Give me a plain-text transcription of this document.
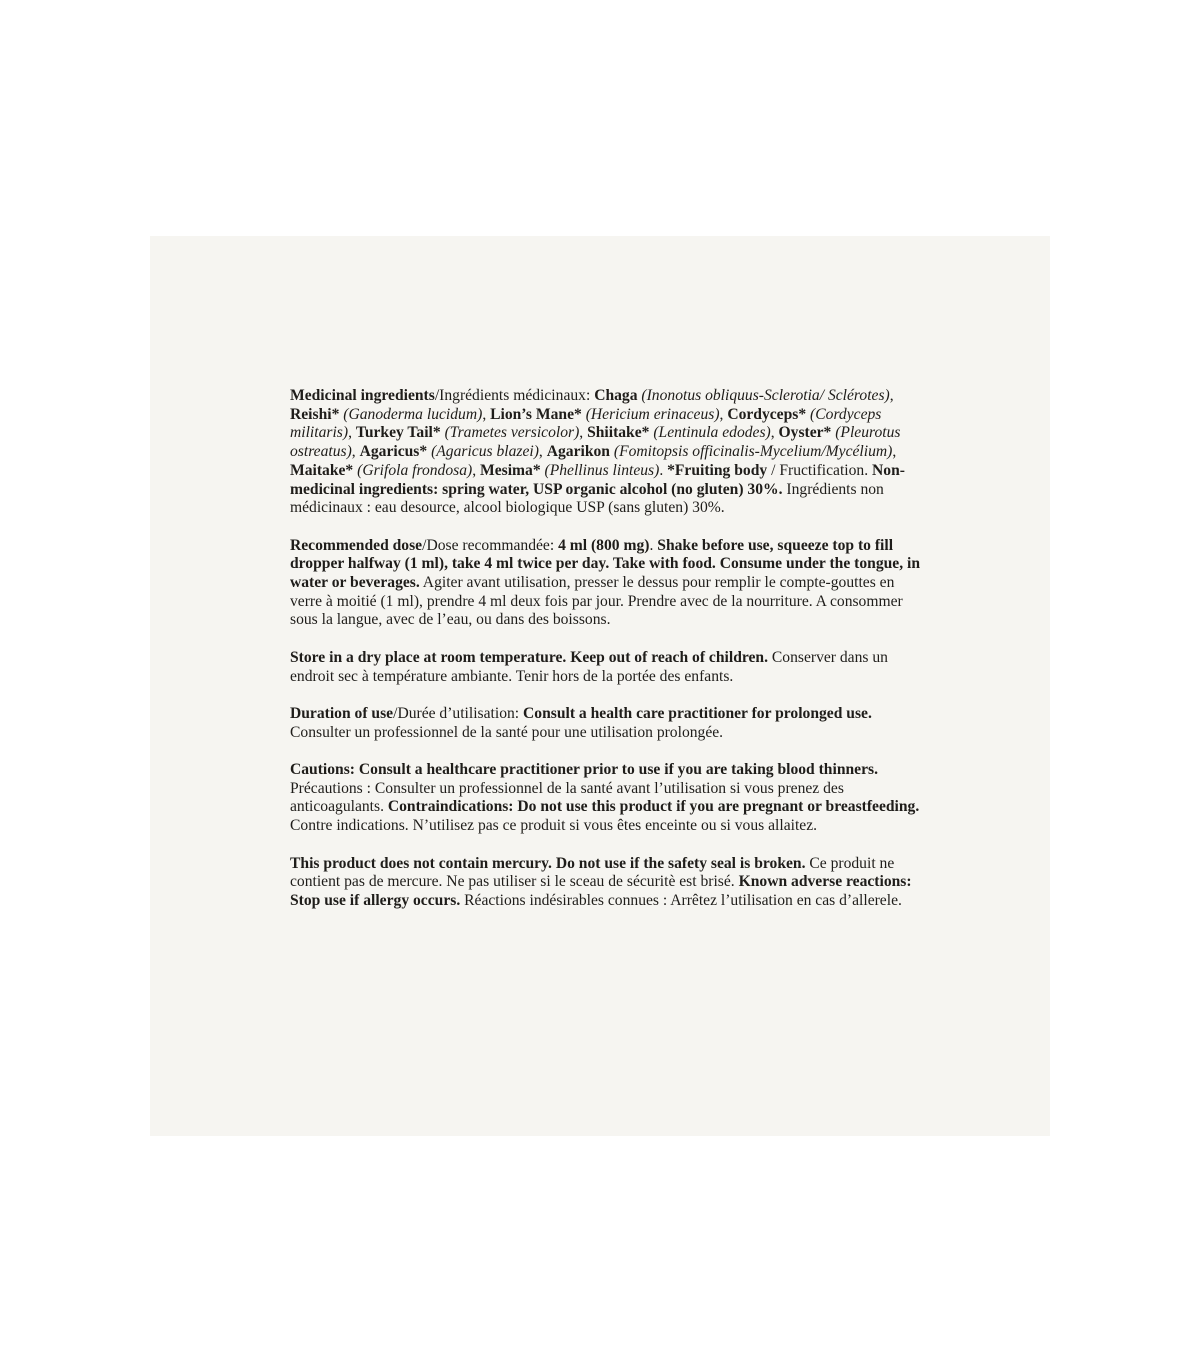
Medicinal ingredients/Ingrédients médicinaux: Chaga (Inonotus obliquus-Sclerotia/ Sclérotes), Reishi* (Ganoderma lucidum), Lion’s Mane* (Hericium erinaceus), Cordyceps* (Cordyceps militaris), Turkey Tail* (Trametes versicolor), Shiitake* (Lentinula edodes), Oyster* (Pleurotus ostreatus), Agaricus* (Agaricus blazei), Agarikon (Fomitopsis officinalis-Mycelium/Mycélium), Maitake* (Grifola frondosa), Mesima* (Phellinus linteus). *Fruiting body / Fructification. Non-medicinal ingredients: spring water, USP organic alcohol (no gluten) 30%. Ingrédients non médicinaux : eau desource, alcool biologique USP (sans gluten) 30%.

Recommended dose/Dose recommandée: 4 ml (800 mg). Shake before use, squeeze top to fill dropper halfway (1 ml), take 4 ml twice per day. Take with food. Consume under the tongue, in water or beverages. Agiter avant utilisation, presser le dessus pour remplir le compte-gouttes en verre à moitié (1 ml), prendre 4 ml deux fois par jour. Prendre avec de la nourriture. A consommer sous la langue, avec de l’eau, ou dans des boissons.

Store in a dry place at room temperature. Keep out of reach of children. Conserver dans un endroit sec à température ambiante. Tenir hors de la portée des enfants.

Duration of use/Durée d’utilisation: Consult a health care practitioner for prolonged use. Consulter un professionnel de la santé pour une utilisation prolongée.

Cautions: Consult a healthcare practitioner prior to use if you are taking blood thinners. Précautions : Consulter un professionnel de la santé avant l’utilisation si vous prenez des anticoagulants. Contraindications: Do not use this product if you are pregnant or breastfeeding. Contre indications. N’utilisez pas ce produit si vous êtes enceinte ou si vous allaitez.

This product does not contain mercury. Do not use if the safety seal is broken. Ce produit ne contient pas de mercure. Ne pas utiliser si le sceau de sécuritè est brisé. Known adverse reactions: Stop use if allergy occurs. Réactions indésirables connues : Arrêtez l’utilisation en cas d’allerele.
